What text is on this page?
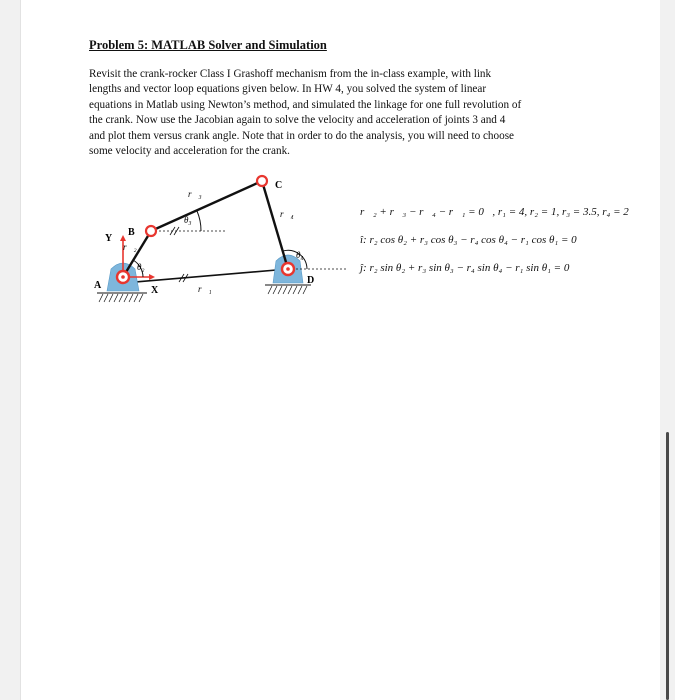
Problem 5: MATLAB Solver and Simulation
Revisit the crank-rocker Class I Grashoff mechanism from the in-class example, with link
lengths and vector loop equations given below. In HW 4, you solved the system of linear
equations in Matlab using Newton’s method, and simulated the linkage for one full revolution of
the crank. Now use the Jacobian again to solve the velocity and acceleration of joints 3 and 4
and plot them versus crank angle. Note that in order to do the analysis, you will need to choose
some velocity and acceleration for the crank.
A
B
C
D
X
Y
r⃗₁
r⃗₂
r⃗₃
r⃗₄
θ₂
θ₃
θ₄
r⃗₂ + r⃗₃ − r⃗₄ − r⃗₁ = 0⃗, r₁ = 4, r₂ = 1, r₃ = 3.5, r₄ = 2
î: r₂ cos θ₂ + r₃ cos θ₃ − r₄ cos θ₄ − r₁ cos θ₁ = 0
ĵ: r₂ sin θ₂ + r₃ sin θ₃ − r₄ sin θ₄ − r₁ sin θ₁ = 0
